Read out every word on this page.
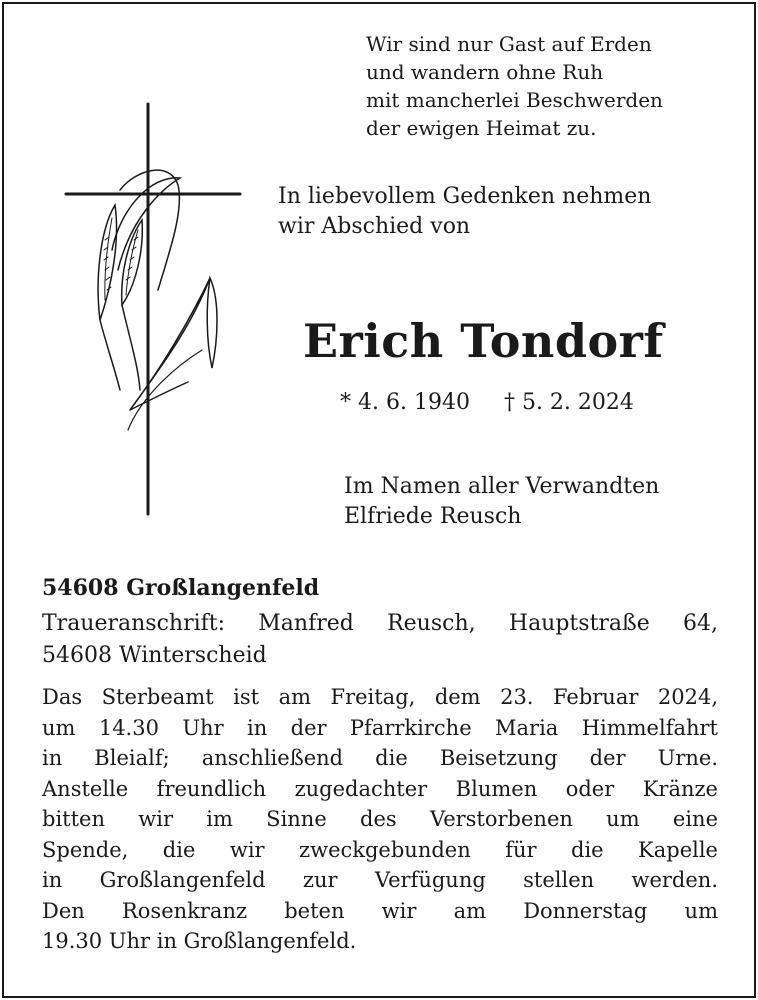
Wir sind nur Gast auf Erden
und wandern ohne Ruh
mit mancherlei Beschwerden
der ewigen Heimat zu.
In liebevollem Gedenken nehmen
wir Abschied von
Erich Tondorf
* 4. 6. 1940 † 5. 2. 2024
Im Namen aller Verwandten
Elfriede Reusch
54608 Großlangenfeld
Traueranschrift: Manfred Reusch, Hauptstraße 64,
54608 Winterscheid
Das Sterbeamt ist am Freitag, dem 23. Februar 2024,
um 14.30 Uhr in der Pfarrkirche Maria Himmelfahrt
in Bleialf; anschließend die Beisetzung der Urne.
Anstelle freundlich zugedachter Blumen oder Kränze
bitten wir im Sinne des Verstorbenen um eine
Spende, die wir zweckgebunden für die Kapelle
in Großlangenfeld zur Verfügung stellen werden.
Den Rosenkranz beten wir am Donnerstag um
19.30 Uhr in Großlangenfeld.
